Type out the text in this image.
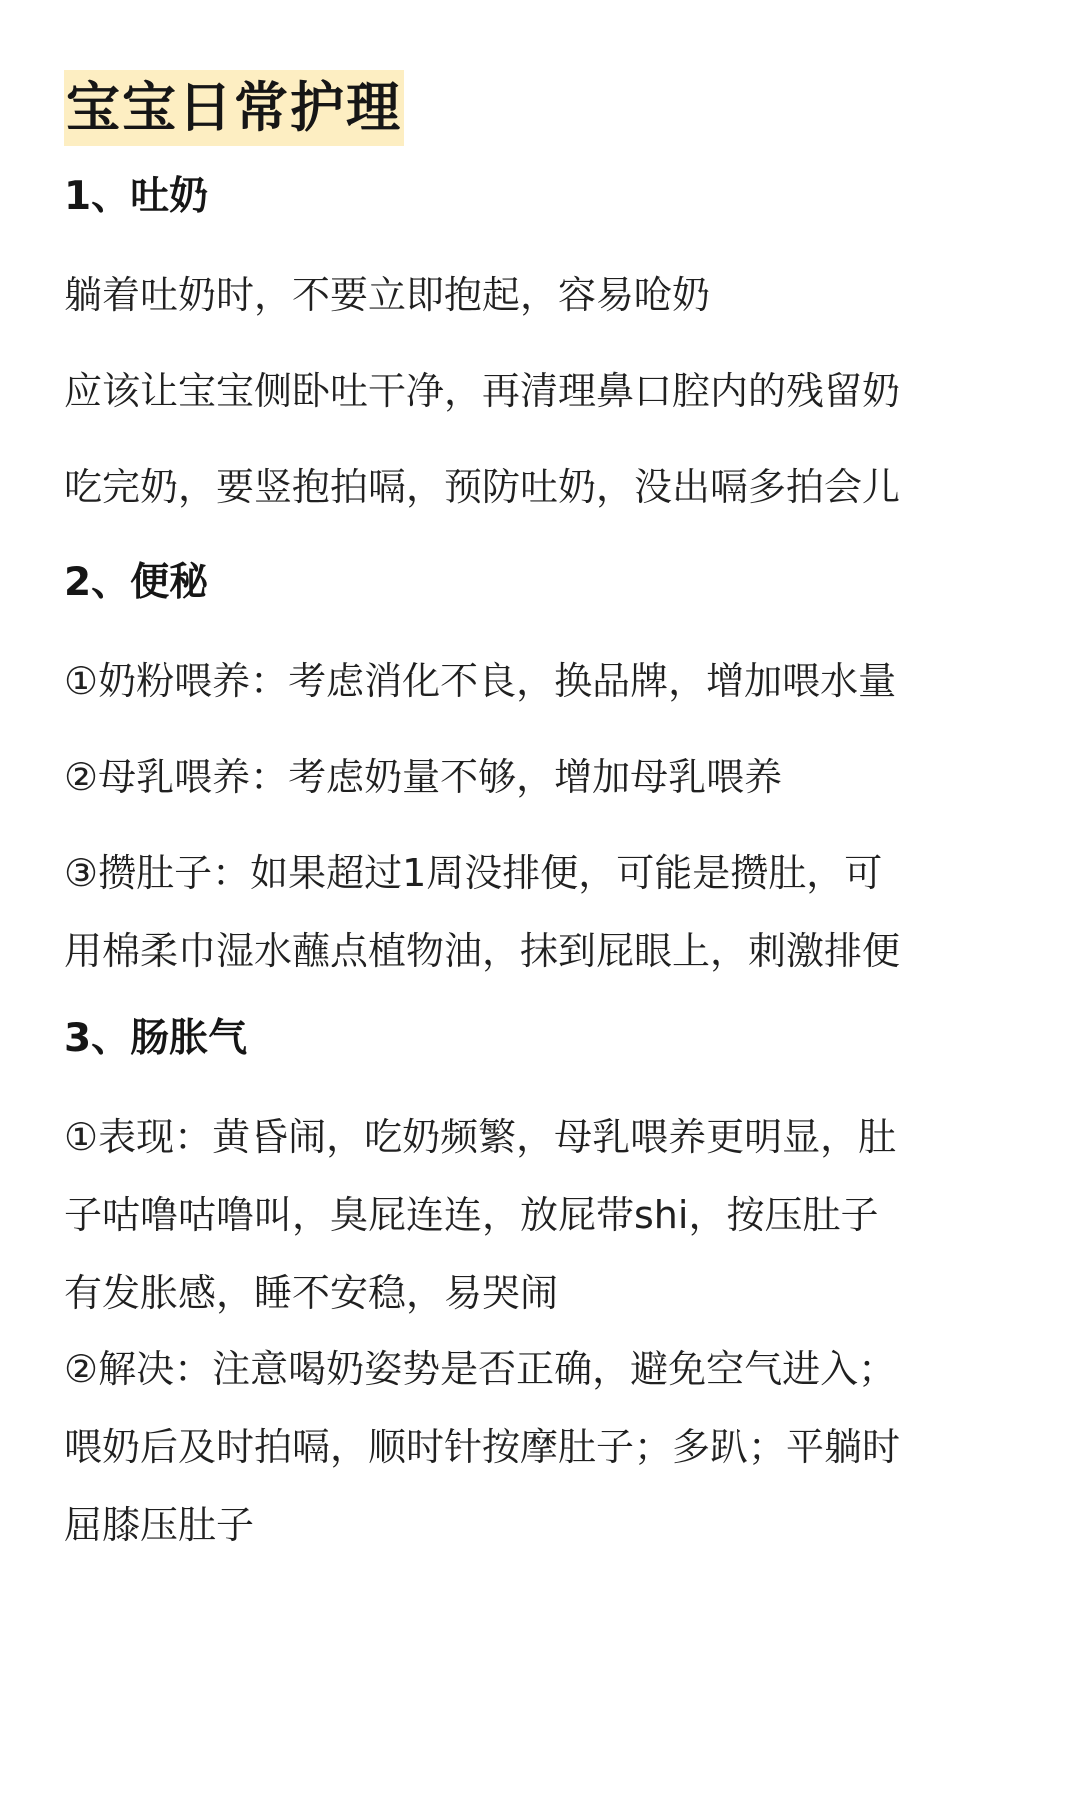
宝宝日常护理
1、吐奶
躺着吐奶时，不要立即抱起，容易呛奶
应该让宝宝侧卧吐干净，再清理鼻口腔内的残留奶
吃完奶，要竖抱拍嗝，预防吐奶，没出嗝多拍会儿
2、便秘
①奶粉喂养：考虑消化不良，换品牌，增加喂水量
②母乳喂养：考虑奶量不够，增加母乳喂养
③攒肚子：如果超过1周没排便，可能是攒肚，可
用棉柔巾湿水蘸点植物油，抹到屁眼上，刺激排便
3、肠胀气
①表现：黄昏闹，吃奶频繁，母乳喂养更明显，肚
子咕噜咕噜叫，臭屁连连，放屁带shi，按压肚子
有发胀感，睡不安稳，易哭闹
②解决：注意喝奶姿势是否正确，避免空气进入；
喂奶后及时拍嗝，顺时针按摩肚子；多趴；平躺时
屈膝压肚子
